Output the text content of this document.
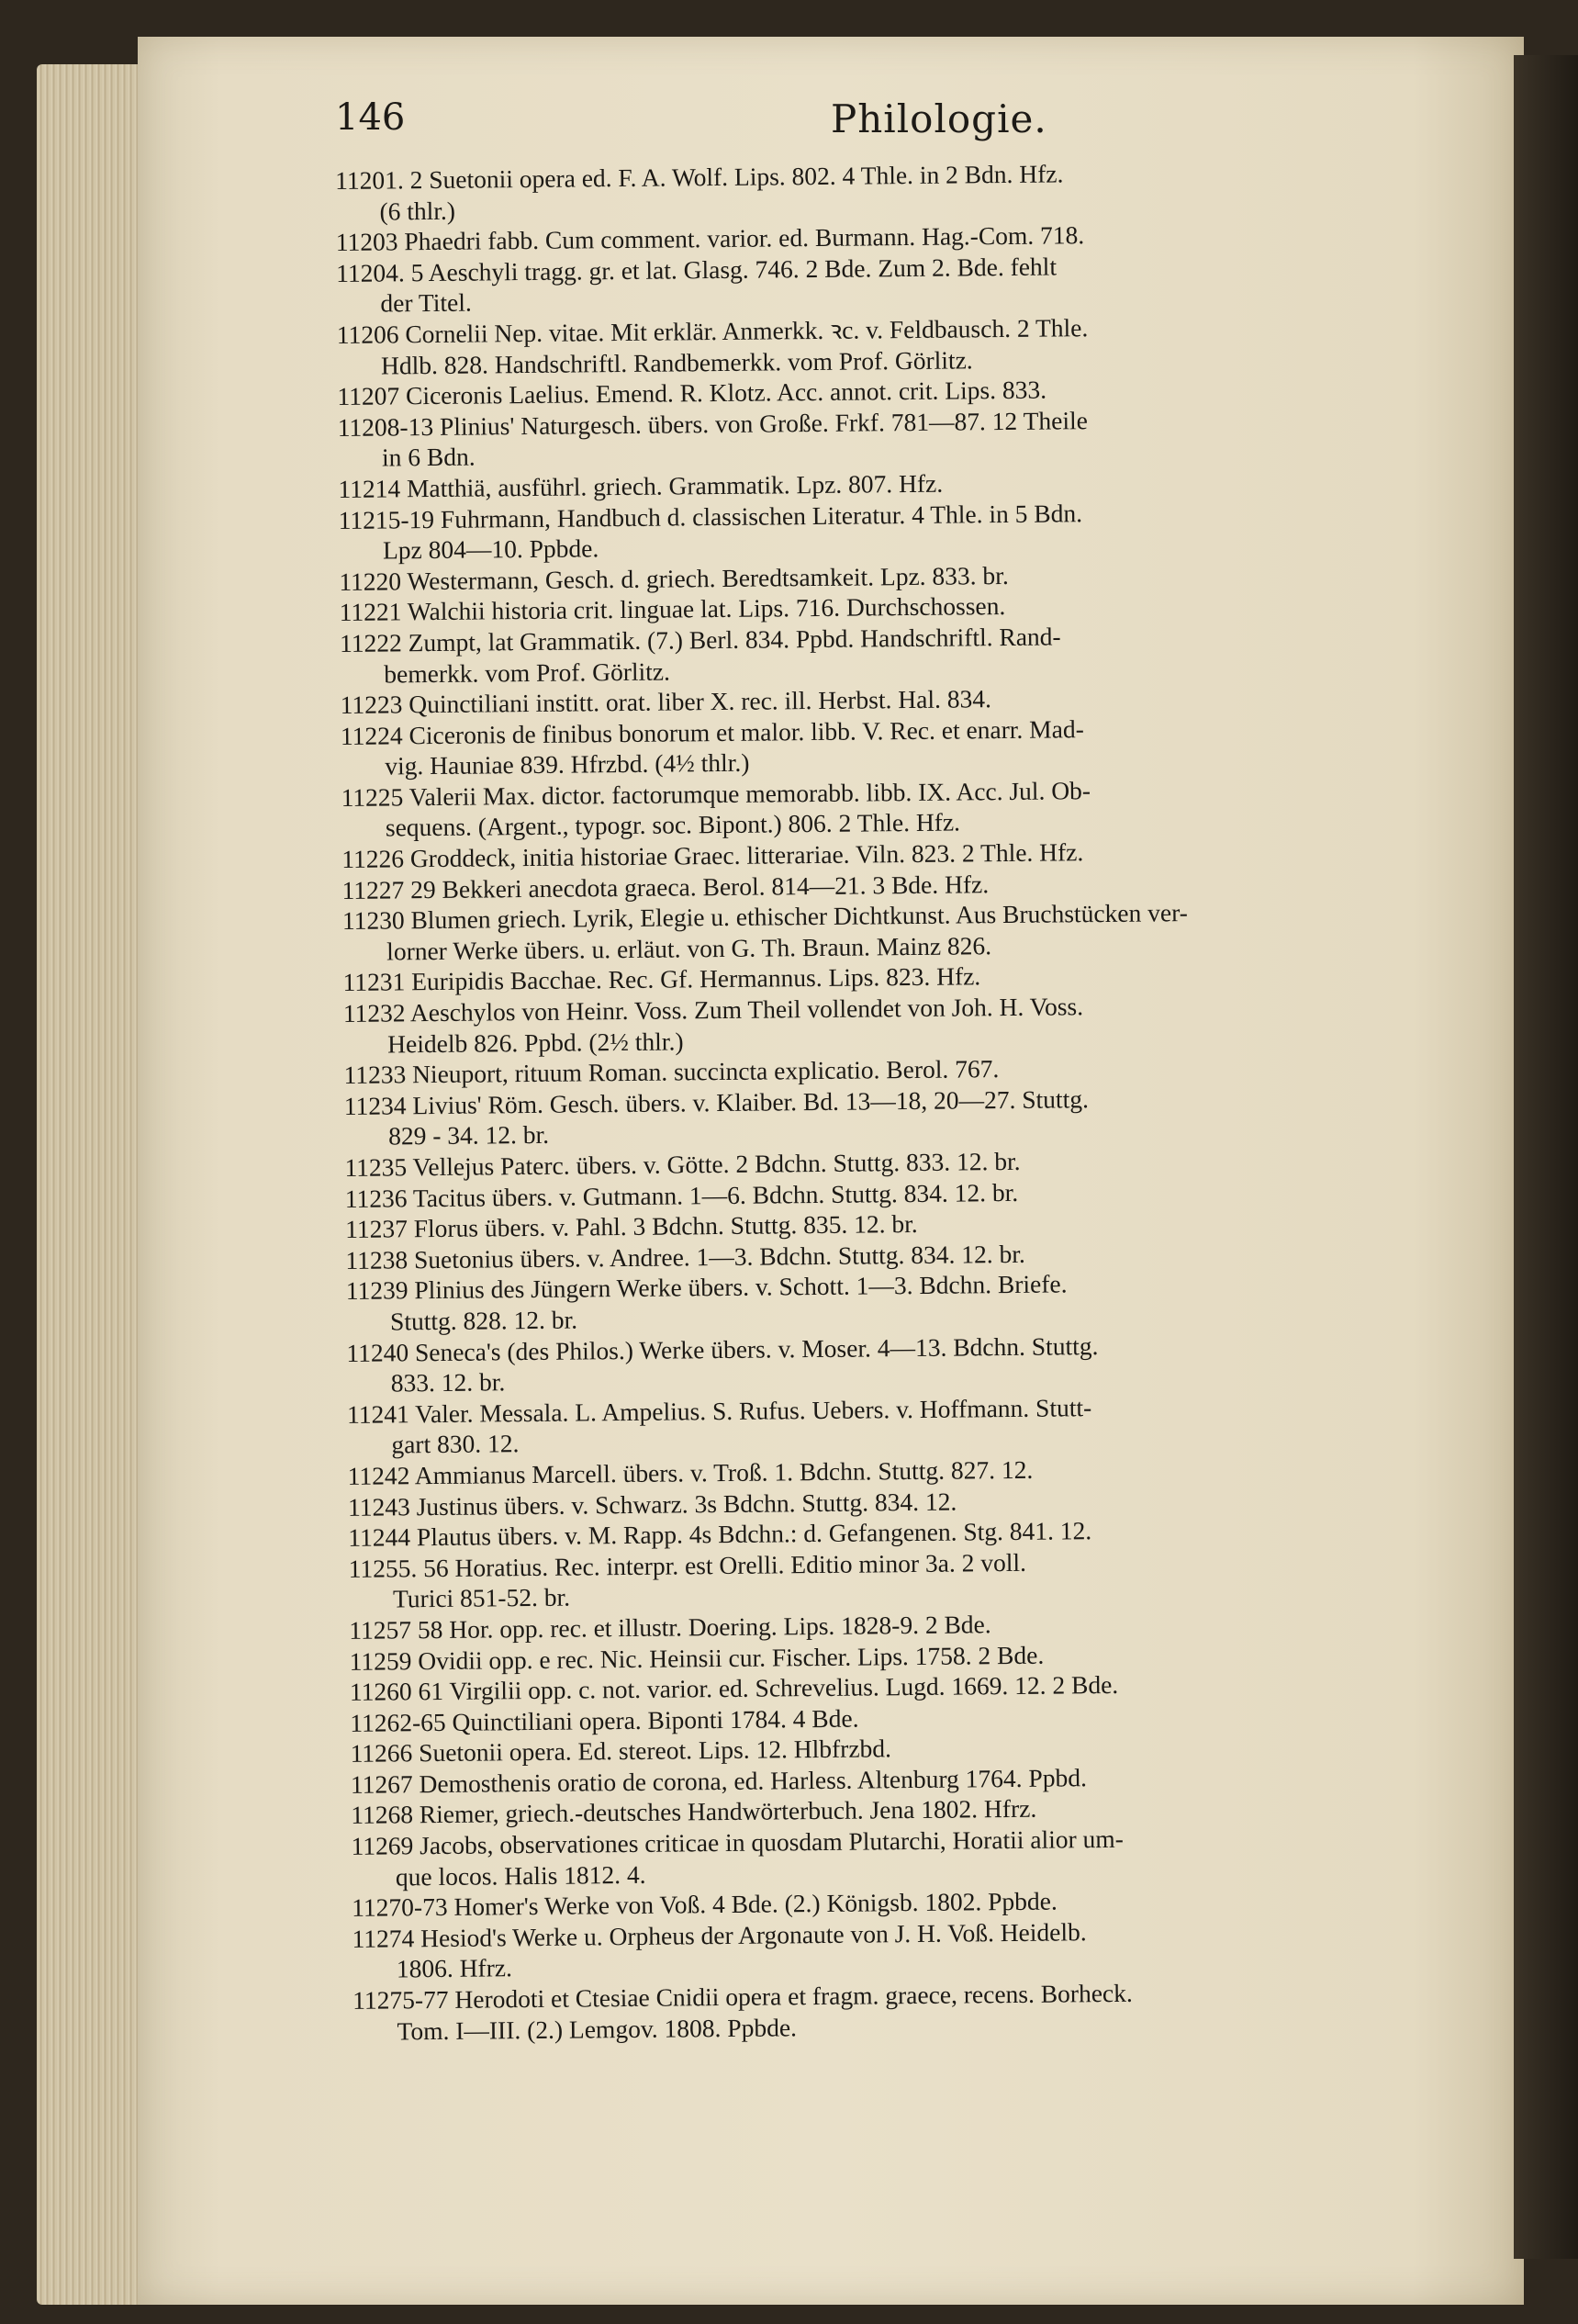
146	Philologie.
11201. 2 Suetonii opera ed. F. A. Wolf. Lips. 802. 4 Thle. in 2 Bdn. Hfz.
(6 thlr.)
11203 Phaedri fabb. Cum comment. varior. ed. Burmann. Hag.-Com. 718.
11204. 5 Aeschyli tragg. gr. et lat. Glasg. 746. 2 Bde. Zum 2. Bde. fehlt
der Titel.
11206 Cornelii Nep. vitae. Mit erklär. Anmerkk. ꝛc. v. Feldbausch. 2 Thle.
Hdlb. 828. Handschriftl. Randbemerkk. vom Prof. Görlitz.
11207 Ciceronis Laelius. Emend. R. Klotz. Acc. annot. crit. Lips. 833.
11208-13 Plinius' Naturgesch. übers. von Große. Frkf. 781—87. 12 Theile
in 6 Bdn.
11214 Matthiä, ausführl. griech. Grammatik. Lpz. 807. Hfz.
11215-19 Fuhrmann, Handbuch d. classischen Literatur. 4 Thle. in 5 Bdn.
Lpz 804—10. Ppbde.
11220 Westermann, Gesch. d. griech. Beredtsamkeit. Lpz. 833. br.
11221 Walchii historia crit. linguae lat. Lips. 716. Durchschossen.
11222 Zumpt, lat Grammatik. (7.) Berl. 834. Ppbd. Handschriftl. Rand-
bemerkk. vom Prof. Görlitz.
11223 Quinctiliani institt. orat. liber X. rec. ill. Herbst. Hal. 834.
11224 Ciceronis de finibus bonorum et malor. libb. V. Rec. et enarr. Mad-
vig. Hauniae 839. Hfrzbd. (4½ thlr.)
11225 Valerii Max. dictor. factorumque memorabb. libb. IX. Acc. Jul. Ob-
sequens. (Argent., typogr. soc. Bipont.) 806. 2 Thle. Hfz.
11226 Groddeck, initia historiae Graec. litterariae. Viln. 823. 2 Thle. Hfz.
11227 29 Bekkeri anecdota graeca. Berol. 814—21. 3 Bde. Hfz.
11230 Blumen griech. Lyrik, Elegie u. ethischer Dichtkunst. Aus Bruchstücken ver-
lorner Werke übers. u. erläut. von G. Th. Braun. Mainz 826.
11231 Euripidis Bacchae. Rec. Gf. Hermannus. Lips. 823. Hfz.
11232 Aeschylos von Heinr. Voss. Zum Theil vollendet von Joh. H. Voss.
Heidelb 826. Ppbd. (2½ thlr.)
11233 Nieuport, rituum Roman. succincta explicatio. Berol. 767.
11234 Livius' Röm. Gesch. übers. v. Klaiber. Bd. 13—18, 20—27. Stuttg.
829 - 34. 12. br.
11235 Vellejus Paterc. übers. v. Götte. 2 Bdchn. Stuttg. 833. 12. br.
11236 Tacitus übers. v. Gutmann. 1—6. Bdchn. Stuttg. 834. 12. br.
11237 Florus übers. v. Pahl. 3 Bdchn. Stuttg. 835. 12. br.
11238 Suetonius übers. v. Andree. 1—3. Bdchn. Stuttg. 834. 12. br.
11239 Plinius des Jüngern Werke übers. v. Schott. 1—3. Bdchn. Briefe.
Stuttg. 828. 12. br.
11240 Seneca's (des Philos.) Werke übers. v. Moser. 4—13. Bdchn. Stuttg.
833. 12. br.
11241 Valer. Messala. L. Ampelius. S. Rufus. Uebers. v. Hoffmann. Stutt-
gart 830. 12.
11242 Ammianus Marcell. übers. v. Troß. 1. Bdchn. Stuttg. 827. 12.
11243 Justinus übers. v. Schwarz. 3s Bdchn. Stuttg. 834. 12.
11244 Plautus übers. v. M. Rapp. 4s Bdchn.: d. Gefangenen. Stg. 841. 12.
11255. 56 Horatius. Rec. interpr. est Orelli. Editio minor 3a. 2 voll.
Turici 851-52. br.
11257 58 Hor. opp. rec. et illustr. Doering. Lips. 1828-9. 2 Bde.
11259 Ovidii opp. e rec. Nic. Heinsii cur. Fischer. Lips. 1758. 2 Bde.
11260 61 Virgilii opp. c. not. varior. ed. Schrevelius. Lugd. 1669. 12. 2 Bde.
11262-65 Quinctiliani opera. Biponti 1784. 4 Bde.
11266 Suetonii opera. Ed. stereot. Lips. 12. Hlbfrzbd.
11267 Demosthenis oratio de corona, ed. Harless. Altenburg 1764. Ppbd.
11268 Riemer, griech.-deutsches Handwörterbuch. Jena 1802. Hfrz.
11269 Jacobs, observationes criticae in quosdam Plutarchi, Horatii alior um-
que locos. Halis 1812. 4.
11270-73 Homer's Werke von Voß. 4 Bde. (2.) Königsb. 1802. Ppbde.
11274 Hesiod's Werke u. Orpheus der Argonaute von J. H. Voß. Heidelb.
1806. Hfrz.
11275-77 Herodoti et Ctesiae Cnidii opera et fragm. graece, recens. Borheck.
Tom. I—III. (2.) Lemgov. 1808. Ppbde.
